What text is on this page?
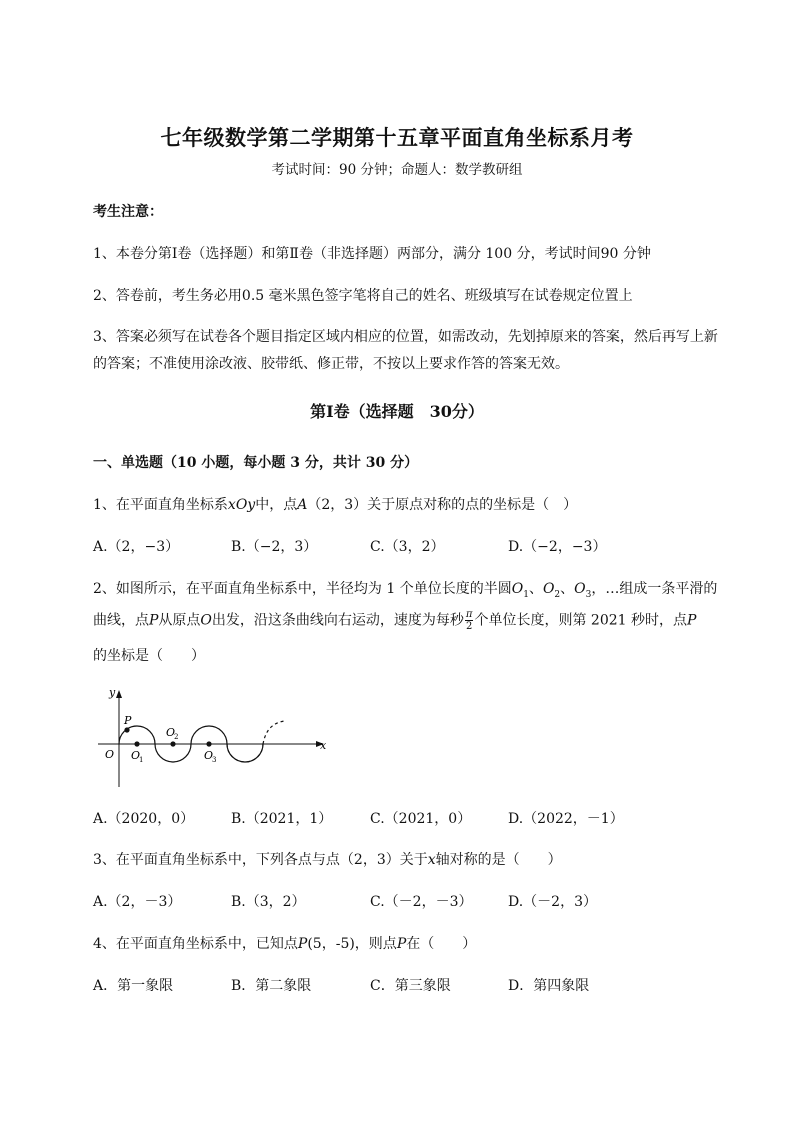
七年级数学第二学期第十五章平面直角坐标系月考
考试时间：90 分钟；命题人：数学教研组
考生注意：
1、本卷分第Ⅰ卷（选择题）和第Ⅱ卷（非选择题）两部分，满分 100 分，考试时间90 分钟
2、答卷前，考生务必用0.5 毫米黑色签字笔将自己的姓名、班级填写在试卷规定位置上
3、答案必须写在试卷各个题目指定区域内相应的位置，如需改动，先划掉原来的答案，然后再写上新
的答案；不准使用涂改液、胶带纸、修正带，不按以上要求作答的答案无效。
第Ⅰ卷（选择题　30分）
一、单选题（10 小题，每小题 3 分，共计 30 分）
1、在平面直角坐标系xOy中，点A（2，3）关于原点对称的点的坐标是（　）
A.（2，−3）	B.（−2，3）	C.（3，2）	D.（−2，−3）
2、如图所示，在平面直角坐标系中，半径均为 1 个单位长度的半圆$O_1$、$O_2$、$O_3$，…组成一条平滑的
曲线，点P从原点O出发，沿这条曲线向右运动，速度为每秒 $\frac{\pi}{2}$ 个单位长度，则第 2021 秒时，点P
的坐标是（　　）
y
x
O
P
O
1
O
2
O
3
A.（2020，0）	B.（2021，1）	C.（2021，0）	D.（2022，－1）
3、在平面直角坐标系中，下列各点与点（2，3）关于x轴对称的是（　　）
A.（2，－3）	B.（3，2）	C.（－2，－3）	D.（－2，3）
4、在平面直角坐标系中，已知点P(5，-5)，则点P在（　　）
A．第一象限	B．第二象限	C．第三象限	D．第四象限
